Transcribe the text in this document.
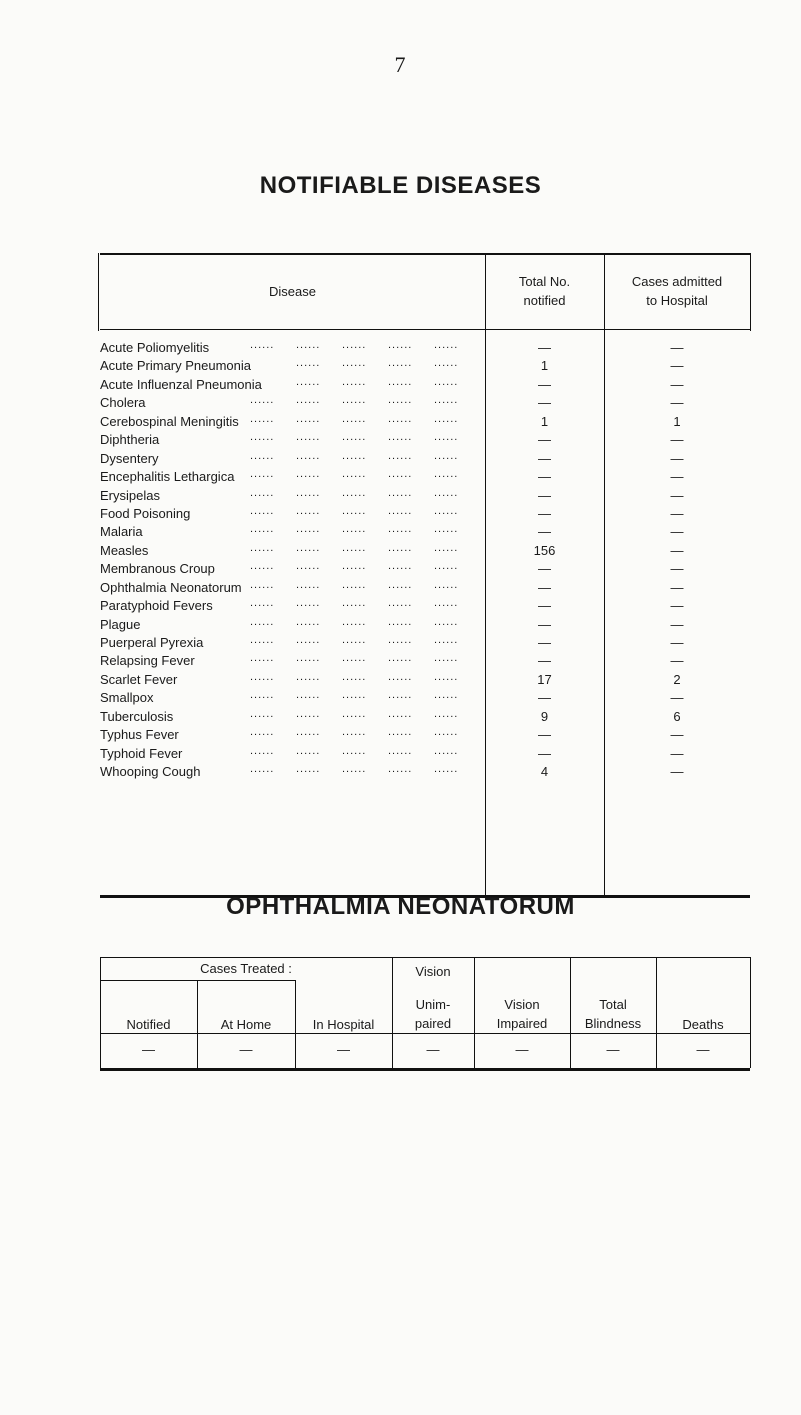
7
NOTIFIABLE DISEASES
Disease
Total No. notified
Cases admitted to Hospital
Acute Poliomyelitis	......	......	......	......	......	—	—
Acute Primary Pneumonia	......	......	......	......	1	—
Acute Influenzal Pneumonia	......	......	......	......	—	—
Cholera	......	......	......	......	......	—	—
Cerebospinal Meningitis ......	......	......	......	......	1	1
Diphtheria	......	......	......	......	......	—	—
Dysentery	......	......	......	......	......	—	—
Encephalitis Lethargica ......	......	......	......	......	—	—
Erysipelas	......	......	......	......	......	—	—
Food Poisoning	......	......	......	......	......	—	—
Malaria	......	......	......	......	......	—	—
Measles	......	......	......	......	......	156	—
Membranous Croup	......	......	......	......	......	—	—
Ophthalmia Neonatorum ......	......	......	......	......	—	—
Paratyphoid Fevers	......	......	......	......	......	—	—
Plague	......	......	......	......	......	—	—
Puerperal Pyrexia	......	......	......	......	......	—	—
Relapsing Fever	......	......	......	......	......	—	—
Scarlet Fever	......	......	......	......	......	17	2
Smallpox	......	......	......	......	......	—	—
Tuberculosis	......	......	......	......	......	9	6
Typhus Fever	......	......	......	......	......	—	—
Typhoid Fever	......	......	......	......	......	—	—
Whooping Cough	......	......	......	......	......	4	—
OPHTHALMIA NEONATORUM
Cases Treated :
Notified	At Home	In Hospital
Vision
Unim- paired
Vision Impaired
Total Blindness	Deaths
—	—	—	—	—	—	—
